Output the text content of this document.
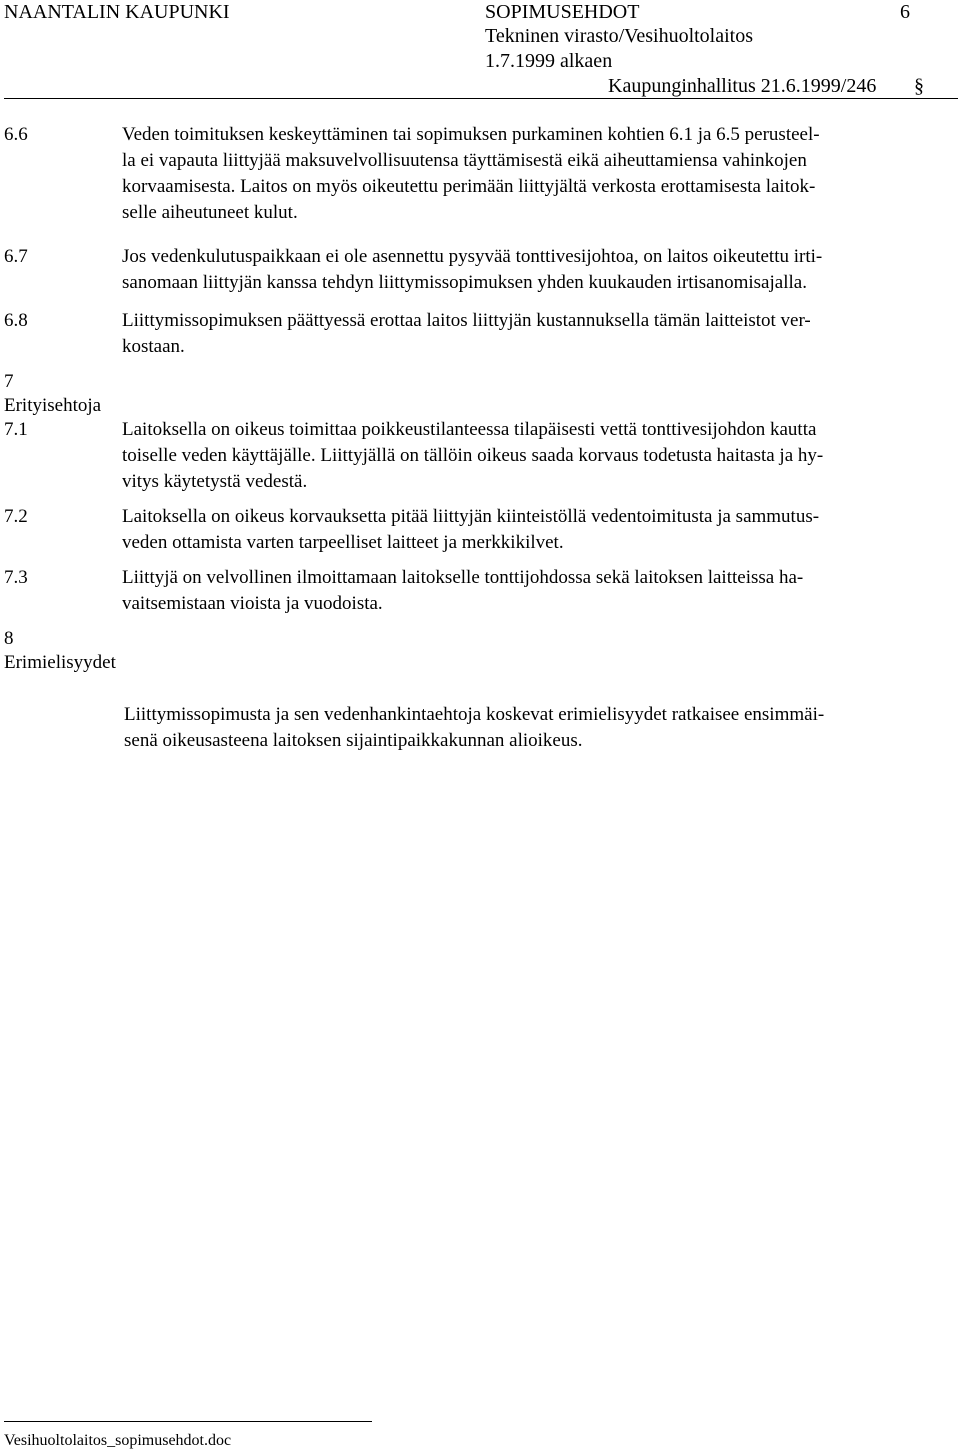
NAANTALIN KAUPUNKI	SOPIMUSEHDOT	6
Tekninen virasto/Vesihuoltolaitos
1.7.1999 alkaen
Kaupunginhallitus 21.6.1999/246 §
6.6	Veden toimituksen keskeyttäminen tai sopimuksen purkaminen kohtien 6.1 ja 6.5 perusteel-
la ei vapauta liittyjää maksuvelvollisuutensa täyttämisestä eikä aiheuttamiensa vahinkojen
korvaamisesta. Laitos on myös oikeutettu perimään liittyjältä verkosta erottamisesta laitok-
selle aiheutuneet kulut.
6.7	Jos vedenkulutuspaikkaan ei ole asennettu pysyvää tonttivesijohtoa, on laitos oikeutettu irti-
sanomaan liittyjän kanssa tehdyn liittymissopimuksen yhden kuukauden irtisanomisajalla.
6.8	Liittymissopimuksen päättyessä erottaa laitos liittyjän kustannuksella tämän laitteistot ver-
kostaan.
7
Erityisehtoja
7.1	Laitoksella on oikeus toimittaa poikkeustilanteessa tilapäisesti vettä tonttivesijohdon kautta
toiselle veden käyttäjälle. Liittyjällä on tällöin oikeus saada korvaus todetusta haitasta ja hy-
vitys käytetystä vedestä.
7.2	Laitoksella on oikeus korvauksetta pitää liittyjän kiinteistöllä vedentoimitusta ja sammutus-
veden ottamista varten tarpeelliset laitteet ja merkkikilvet.
7.3	Liittyjä on velvollinen ilmoittamaan laitokselle tonttijohdossa sekä laitoksen laitteissa ha-
vaitsemistaan vioista ja vuodoista.
8
Erimielisyydet
Liittymissopimusta ja sen vedenhankintaehtoja koskevat erimielisyydet ratkaisee ensimmäi-
senä oikeusasteena laitoksen sijaintipaikkakunnan alioikeus.
Vesihuoltolaitos_sopimusehdot.doc
